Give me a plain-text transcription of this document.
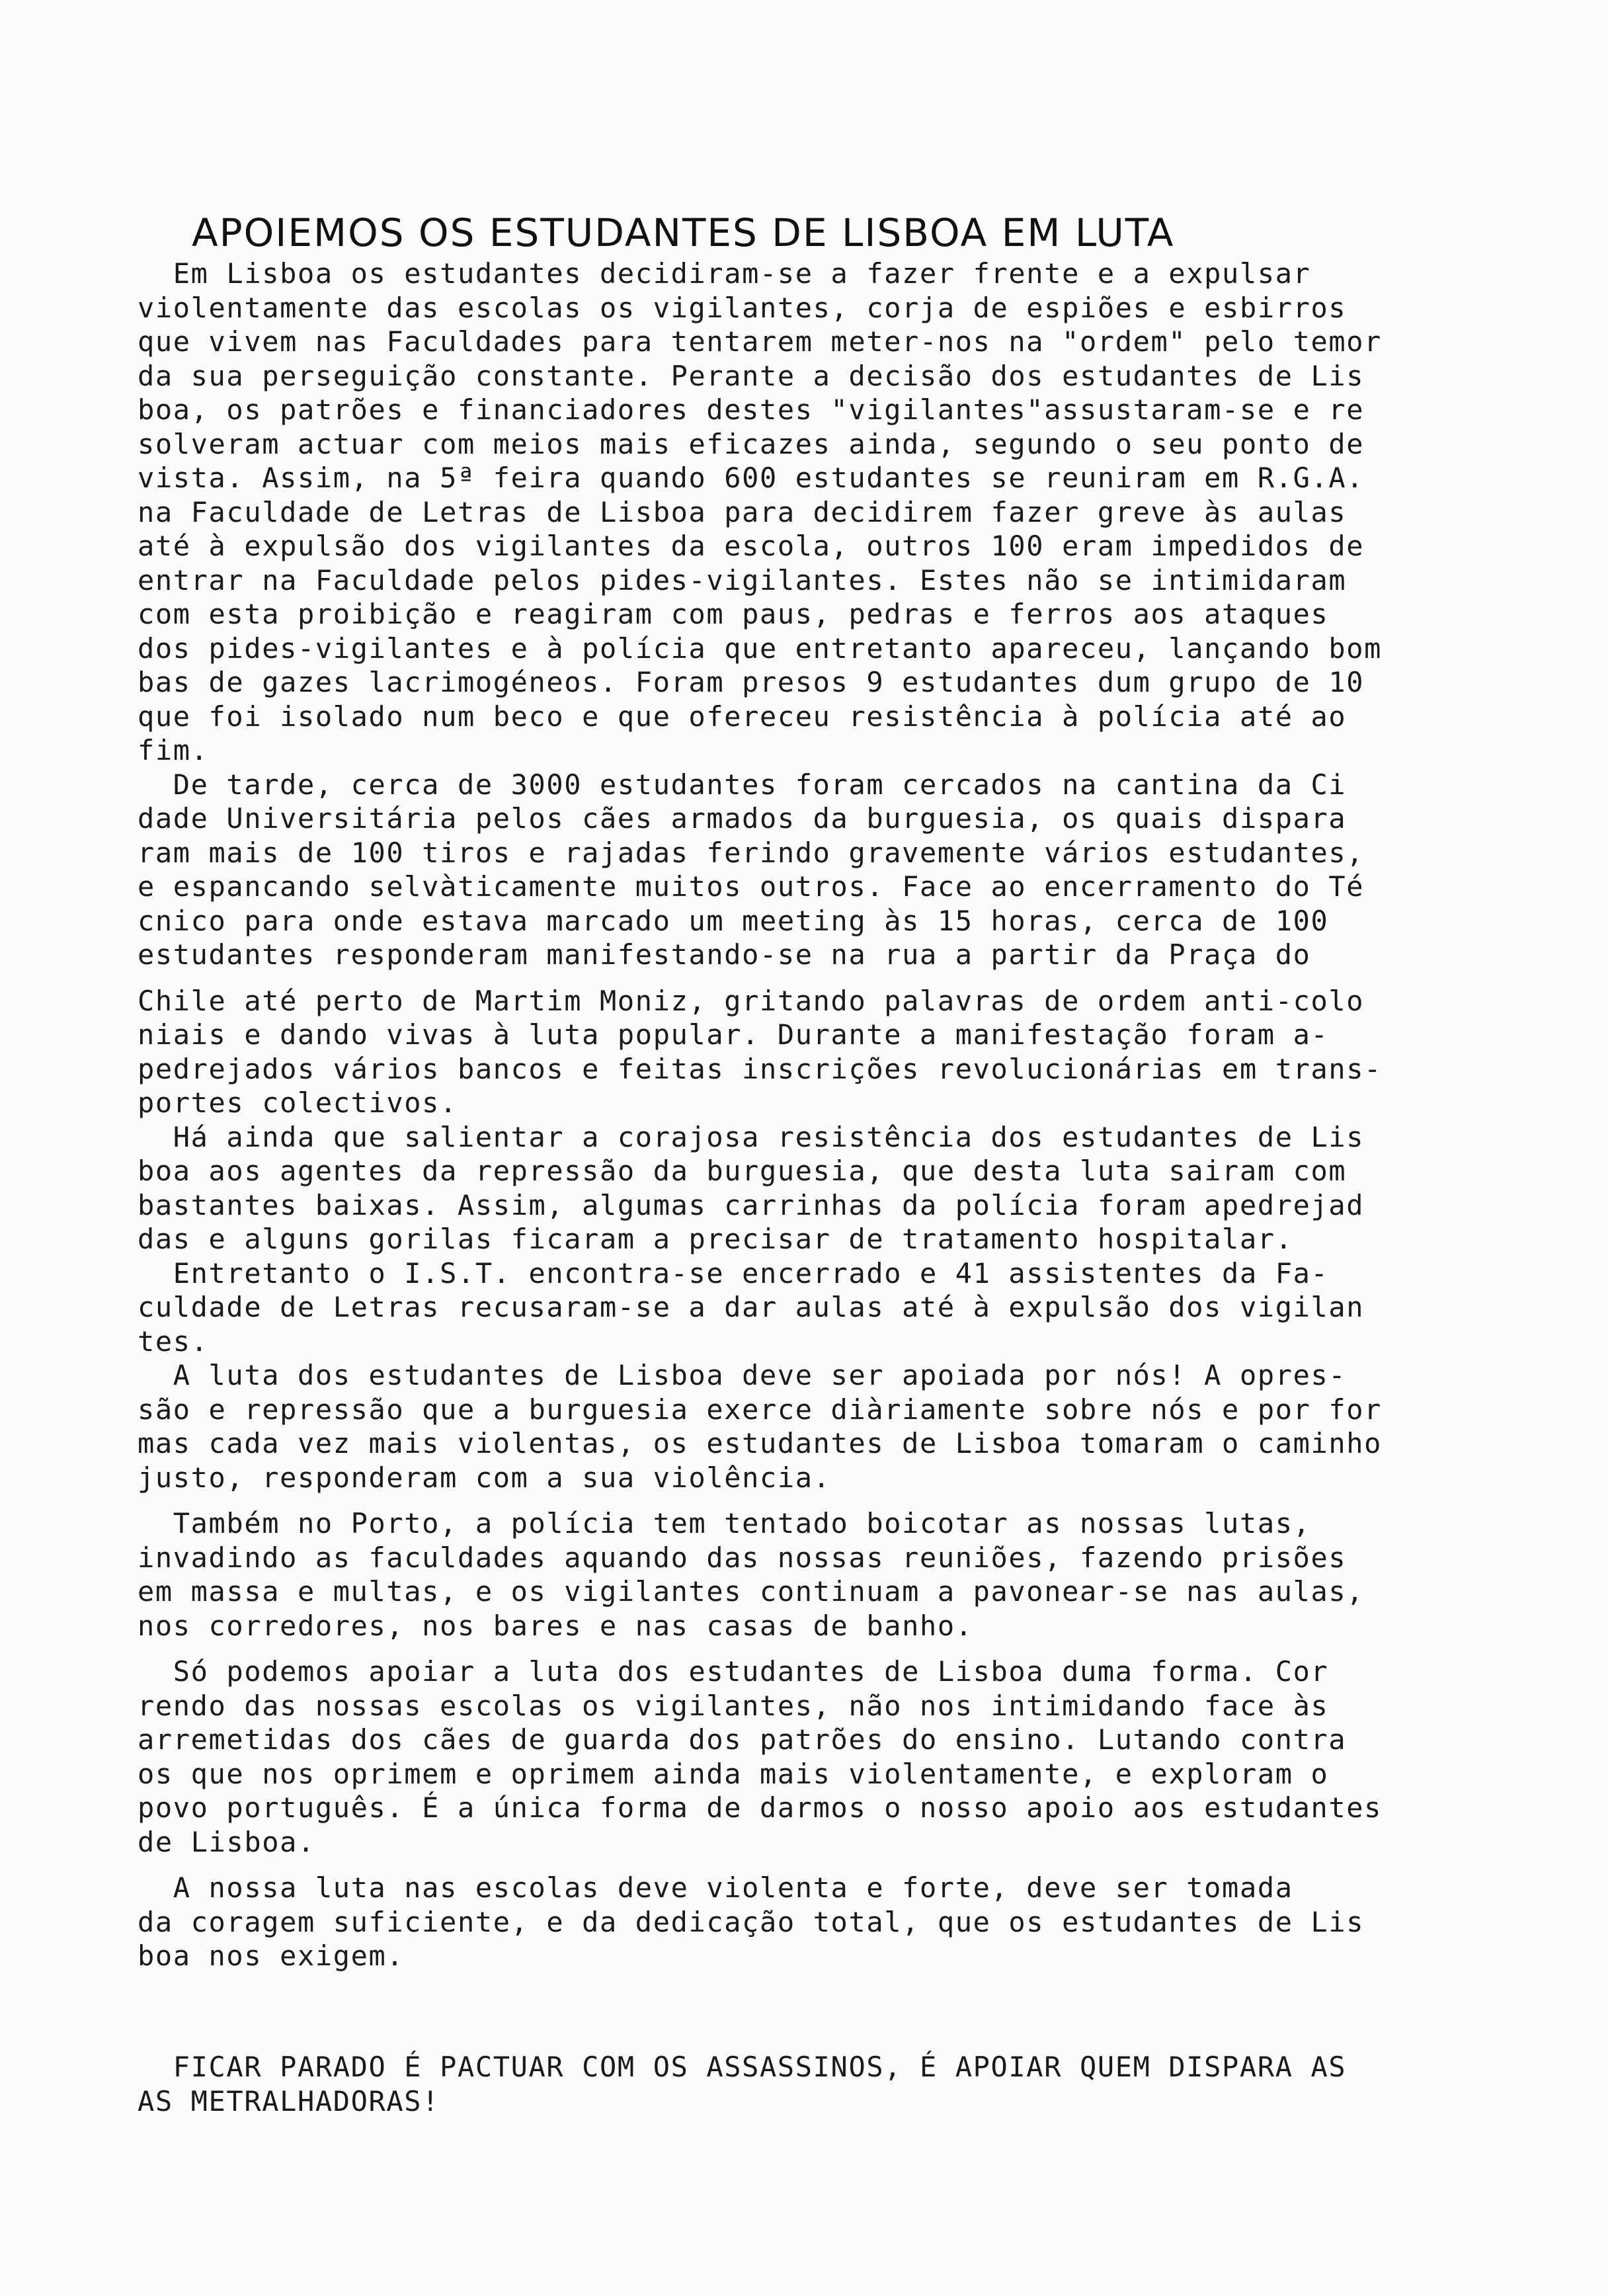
APOIEMOS OS ESTUDANTES DE LISBOA EM LUTA

Em Lisboa os estudantes decidiram-se a fazer frente e a expulsar
violentamente das escolas os vigilantes, corja de espiões e esbirros
que vivem nas Faculdades para tentarem meter-nos na "ordem" pelo temor
da sua perseguição constante. Perante a decisão dos estudantes de Lis
boa, os patrões e financiadores destes "vigilantes"assustaram-se e re
solveram actuar com meios mais eficazes ainda, segundo o seu ponto de
vista. Assim, na 5ª feira quando 600 estudantes se reuniram em R.G.A.
na Faculdade de Letras de Lisboa para decidirem fazer greve às aulas
até à expulsão dos vigilantes da escola, outros 100 eram impedidos de
entrar na Faculdade pelos pides-vigilantes. Estes não se intimidaram
com esta proibição e reagiram com paus, pedras e ferros aos ataques
dos pides-vigilantes e à polícia que entretanto apareceu, lançando bom
bas de gazes lacrimogéneos. Foram presos 9 estudantes dum grupo de 10
que foi isolado num beco e que ofereceu resistência à polícia até ao
fim.

De tarde, cerca de 3000 estudantes foram cercados na cantina da Ci
dade Universitária pelos cães armados da burguesia, os quais dispara
ram mais de 100 tiros e rajadas ferindo gravemente vários estudantes,
e espancando selvàticamente muitos outros. Face ao encerramento do Té
cnico para onde estava marcado um meeting às 15 horas, cerca de 100
estudantes responderam manifestando-se na rua a partir da Praça do

Chile até perto de Martim Moniz, gritando palavras de ordem anti-colo
niais e dando vivas à luta popular. Durante a manifestação foram a-
pedrejados vários bancos e feitas inscrições revolucionárias em trans-
portes colectivos.

Há ainda que salientar a corajosa resistência dos estudantes de Lis
boa aos agentes da repressão da burguesia, que desta luta sairam com
bastantes baixas. Assim, algumas carrinhas da polícia foram apedrejad
das e alguns gorilas ficaram a precisar de tratamento hospitalar.

Entretanto o I.S.T. encontra-se encerrado e 41 assistentes da Fa-
culdade de Letras recusaram-se a dar aulas até à expulsão dos vigilan
tes.

A luta dos estudantes de Lisboa deve ser apoiada por nós! A opres-
são e repressão que a burguesia exerce diàriamente sobre nós e por for
mas cada vez mais violentas, os estudantes de Lisboa tomaram o caminho
justo, responderam com a sua violência.

Também no Porto, a polícia tem tentado boicotar as nossas lutas,
invadindo as faculdades aquando das nossas reuniões, fazendo prisões
em massa e multas, e os vigilantes continuam a pavonear-se nas aulas,
nos corredores, nos bares e nas casas de banho.

Só podemos apoiar a luta dos estudantes de Lisboa duma forma. Cor
rendo das nossas escolas os vigilantes, não nos intimidando face às
arremetidas dos cães de guarda dos patrões do ensino. Lutando contra
os que nos oprimem e oprimem ainda mais violentamente, e exploram o
povo português. É a única forma de darmos o nosso apoio aos estudantes
de Lisboa.

A nossa luta nas escolas deve violenta e forte, deve ser tomada
da coragem suficiente, e da dedicação total, que os estudantes de Lis
boa nos exigem.

FICAR PARADO É PACTUAR COM OS ASSASSINOS, É APOIAR QUEM DISPARA AS
AS METRALHADORAS!
